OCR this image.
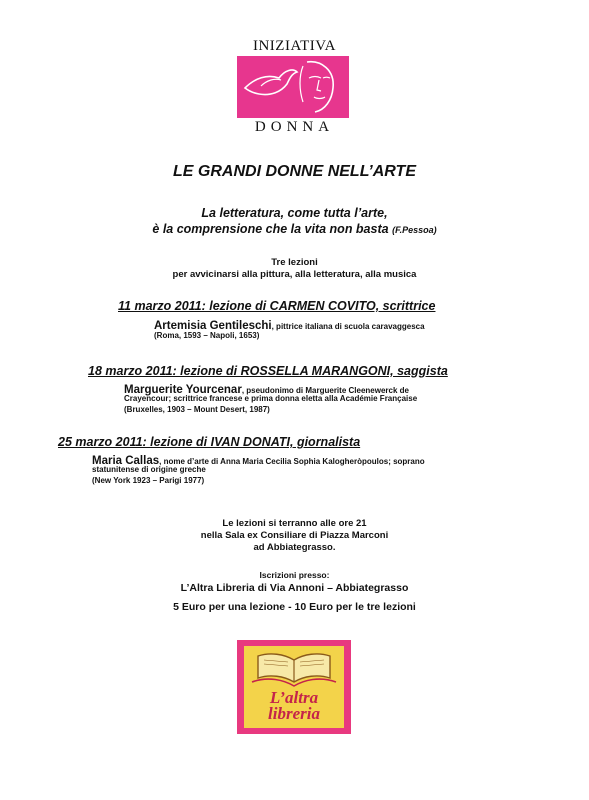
INIZIATIVA
DONNA
LE GRANDI DONNE NELL’ARTE
La letteratura, come tutta l’arte,
è la comprensione che la vita non basta (F.Pessoa)
Tre lezioni
per avvicinarsi alla pittura, alla letteratura, alla musica
11 marzo 2011: lezione di CARMEN COVITO, scrittrice
Artemisia Gentileschi, pittrice italiana di scuola caravaggesca
(Roma, 1593 – Napoli, 1653)
18 marzo 2011: lezione di ROSSELLA MARANGONI, saggista
Marguerite Yourcenar, pseudonimo di Marguerite Cleenewerck de
Crayencour; scrittrice francese e prima donna eletta alla Académie Française
(Bruxelles, 1903 – Mount Desert, 1987)
25 marzo 2011: lezione di IVAN DONATI, giornalista
Maria Callas, nome d’arte di Anna Maria Cecilia Sophia Kalogheròpoulos; soprano
statunitense di origine greche
(New York 1923 – Parigi 1977)
Le lezioni si terranno alle ore 21
nella Sala ex Consiliare di Piazza Marconi
ad Abbiategrasso.
Iscrizioni presso:
L’Altra Libreria di Via Annoni – Abbiategrasso
5 Euro per una lezione - 10 Euro per le tre lezioni
L’altra
libreria
